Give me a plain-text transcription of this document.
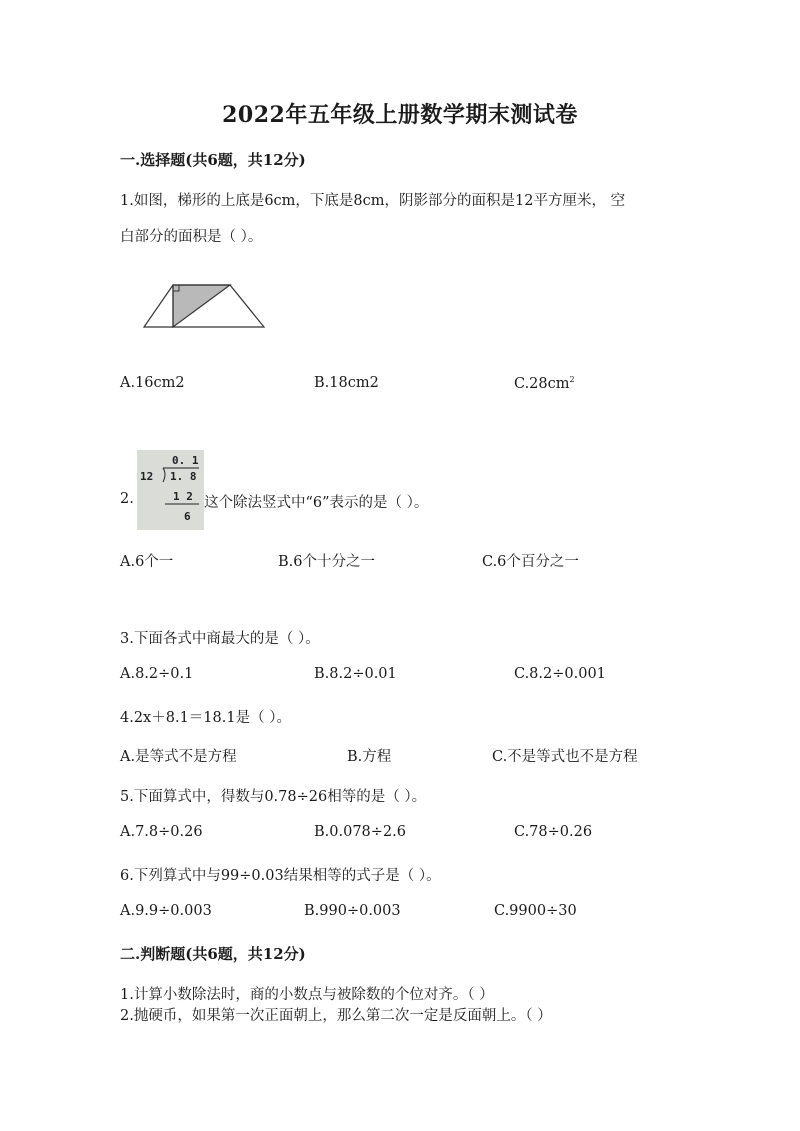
2022年五年级上册数学期末测试卷
一.选择题(共6题，共12分)
1.如图，梯形的上底是6cm，下底是8cm，阴影部分的面积是12平方厘米， 空
白部分的面积是（ ）。
A.16cm2	B.18cm2	$C.28cm^2$
0. 1
12 1. 8
1 2
6
2.	这个除法竖式中“6”表示的是（ ）。
A.6个一	B.6个十分之一	C.6个百分之一
3.下面各式中商最大的是（ ）。
A.8.2÷0.1	B.8.2÷0.01	C.8.2÷0.001
4.2x＋8.1＝18.1是（ ）。
A.是等式不是方程	B.方程	C.不是等式也不是方程
5.下面算式中，得数与0.78÷26相等的是（ ）。
A.7.8÷0.26	B.0.078÷2.6	C.78÷0.26
6.下列算式中与99÷0.03结果相等的式子是（ ）。
A.9.9÷0.003	B.990÷0.003	C.9900÷30
二.判断题(共6题，共12分)
1.计算小数除法时，商的小数点与被除数的个位对齐。（ ）
2.抛硬币，如果第一次正面朝上，那么第二次一定是反面朝上。（ ）
